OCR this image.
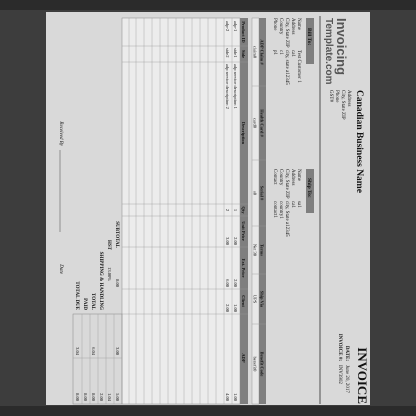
INVOICE
Invoicing
Template.com
Canadian Business Name
Address
City, State ZIP
Phone
GST#
DATE:
June 20, 2017
INVOICE #:
INV3902
Bill To:
Name
Test Customer 1
Address
ca1
City, State ZIP
city, state a12345
Country
c1
Phone
p1
Ship To:
Name
sa1
Address
ca1
City, State ZIP
city, State a12345
Country
country1
Contact
contact1
ADP Claim #
Health Card #
Serial #
Terms
Ship Via
Benefit Code
claim0
card0
s0
Net 30
UPS
benefit0
Product ID
Side
Description
Qty
Unit Price
Ext. Price
Client
ADP
adp-1
side1
adp service description 1
1
2.00
2.00
1.00
1.00
adp-2
side2
adp service description 2
2
3.00
6.00
2.00
4.00
SUBTOTAL
8.00
3.00
5.00
HST
13.00%
1.04
SHIPPING & HANDLING
2.00
TOTAL
6.04
8.00
PAID
8.00
TOTAL DUE
3.04
8.00
Received By
Date
